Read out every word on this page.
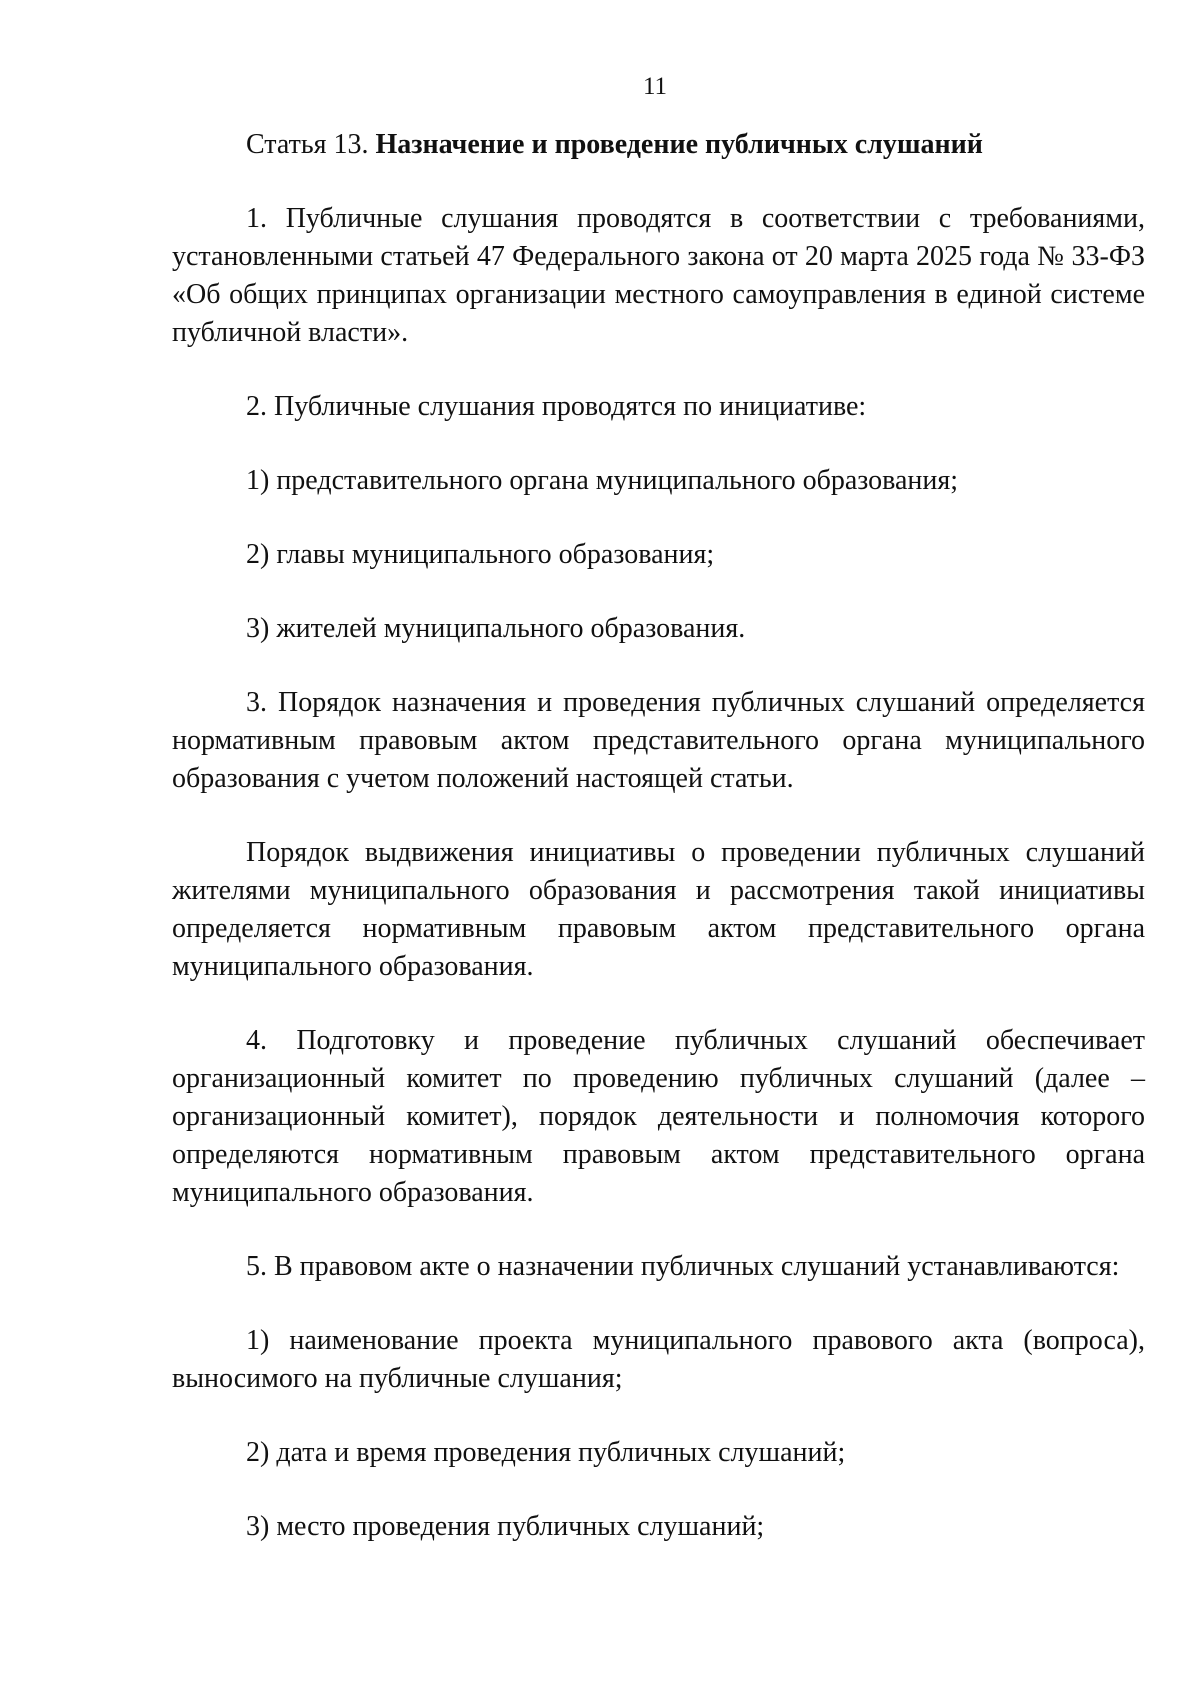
11

Статья 13. Назначение и проведение публичных слушаний

1. Публичные слушания проводятся в соответствии с требованиями, установленными статьей 47 Федерального закона от 20 марта 2025 года № 33-ФЗ «Об общих принципах организации местного самоуправления в единой системе публичной власти».

2. Публичные слушания проводятся по инициативе:

1) представительного органа муниципального образования;

2) главы муниципального образования;

3) жителей муниципального образования.

3. Порядок назначения и проведения публичных слушаний определяется нормативным правовым актом представительного органа муниципального образования с учетом положений настоящей статьи.

Порядок выдвижения инициативы о проведении публичных слушаний жителями муниципального образования и рассмотрения такой инициативы определяется нормативным правовым актом представительного органа муниципального образования.

4. Подготовку и проведение публичных слушаний обеспечивает организационный комитет по проведению публичных слушаний (далее – организационный комитет), порядок деятельности и полномочия которого определяются нормативным правовым актом представительного органа муниципального образования.

5. В правовом акте о назначении публичных слушаний устанавливаются:

1) наименование проекта муниципального правового акта (вопроса), выносимого на публичные слушания;

2) дата и время проведения публичных слушаний;

3) место проведения публичных слушаний;
